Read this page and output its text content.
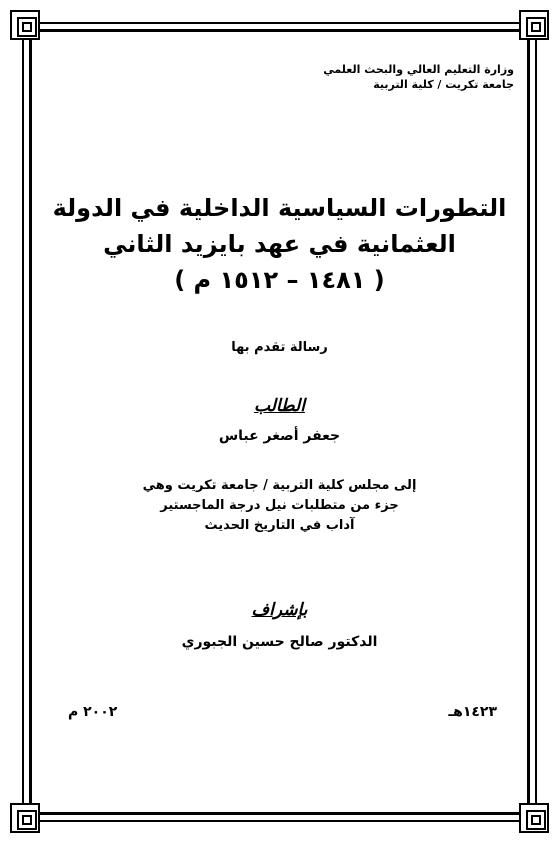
وزارة التعليم العالي والبحث العلمي
جامعة تكريت / كلية التربية
التطورات السياسية الداخلية في الدولة
العثمانية في عهد بايزيد الثاني
( ١٤٨١ – ١٥١٢ م )
رسالة تقدم بها
الطالب
جعفر أصغر عباس
إلى مجلس كلية التربية / جامعة تكريت وهي
جزء من متطلبات نيل درجة الماجستير
آداب في التاريخ الحديث
بإشراف
الدكتور صالح حسين الجبوري
١٤٢٣هـ
٢٠٠٢ م
